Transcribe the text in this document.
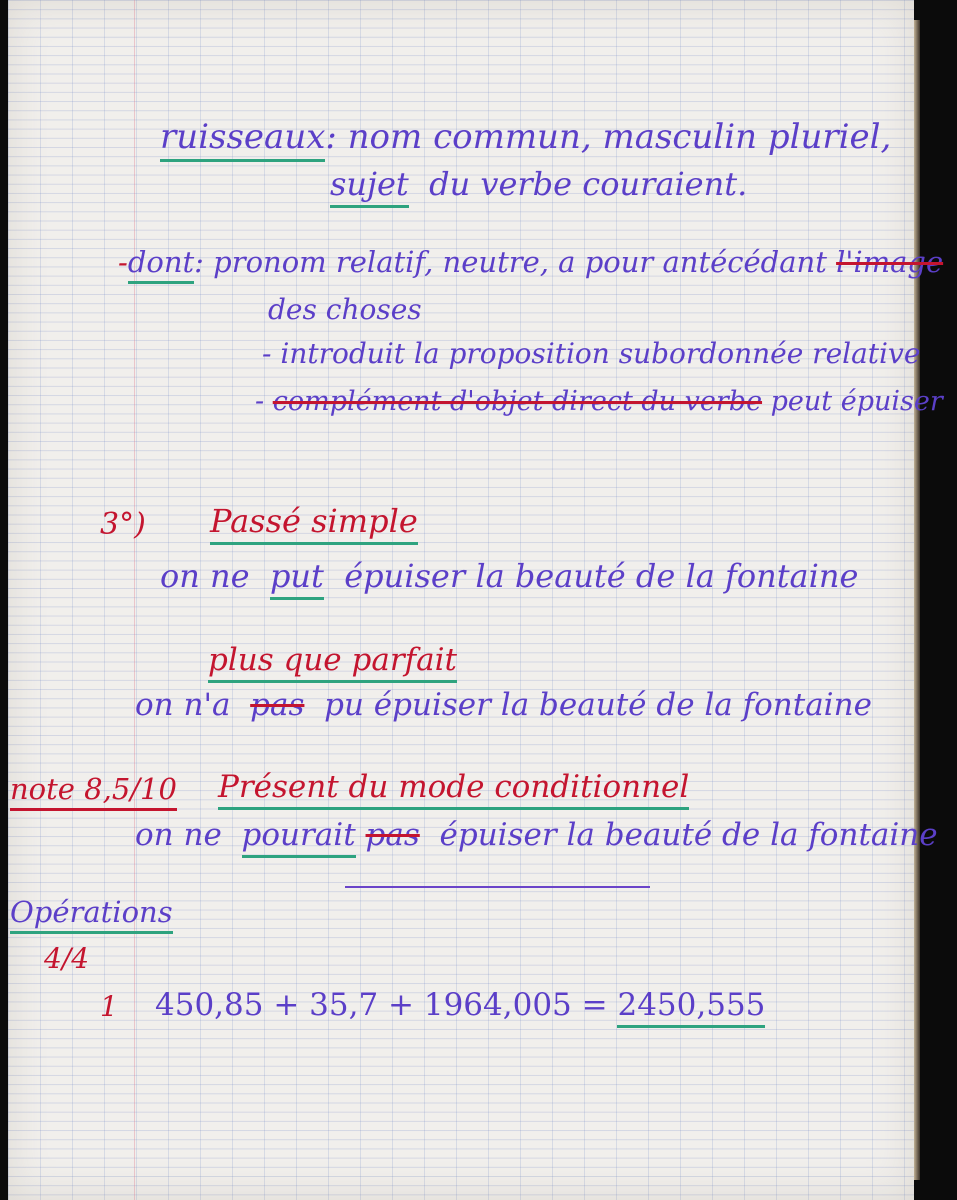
ruisseaux: nom commun, masculin pluriel,
sujet du verbe couraient.
-dont: pronom relatif, neutre, a pour antécédant l'image
des choses
- introduit la proposition subordonnée relative
- complément d'objet direct du verbe peut épuiser
3°) Passé simple
on ne put épuiser la beauté de la fontaine
plus que parfait
on n'a pas pu épuiser la beauté de la fontaine
note 8,5/10 Présent du mode conditionnel
on ne pourait pas épuiser la beauté de la fontaine
Opérations
4/4
1 450,85 + 35,7 + 1964,005 = 2450,555
